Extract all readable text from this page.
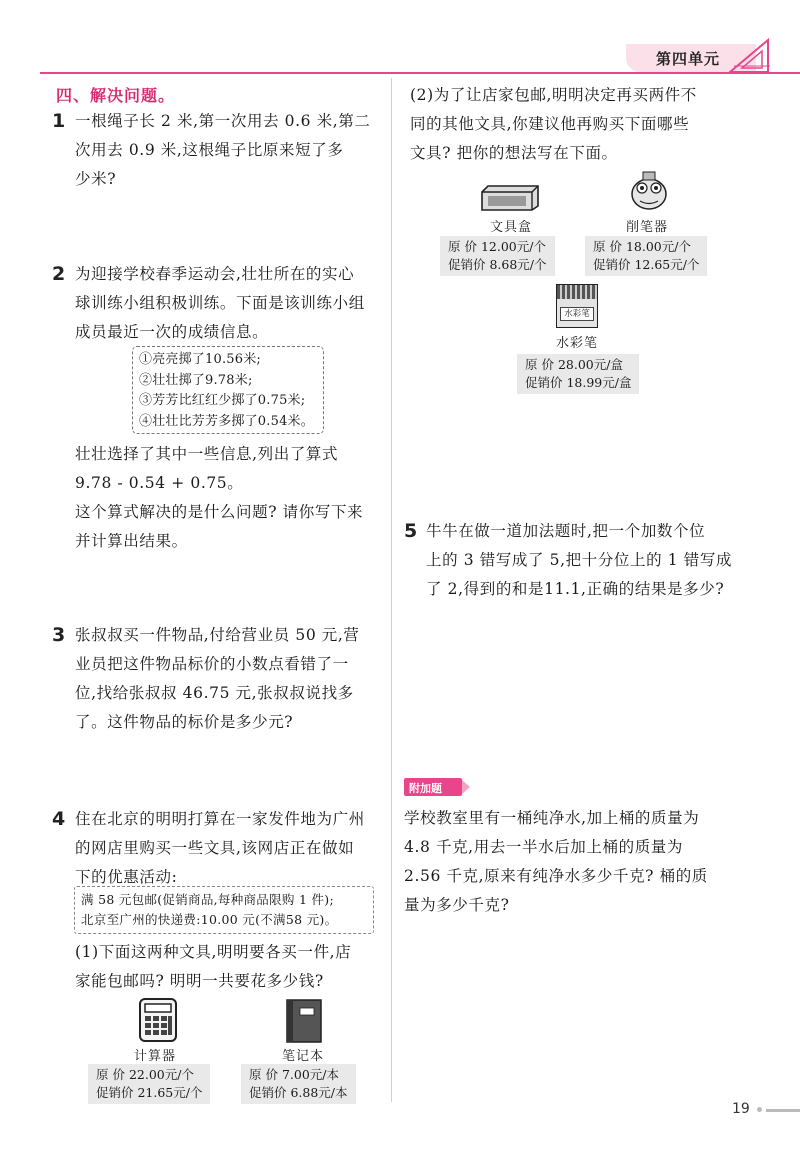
第四单元
四、解决问题。
1 一根绳子长 2 米,第一次用去 0.6 米,第二
次用去 0.9 米,这根绳子比原来短了多
少米?
2 为迎接学校春季运动会,壮壮所在的实心
球训练小组积极训练。下面是该训练小组
成员最近一次的成绩信息。
①亮亮掷了10.56米;
②壮壮掷了9.78米;
③芳芳比红红少掷了0.75米;
④壮壮比芳芳多掷了0.54米。
壮壮选择了其中一些信息,列出了算式
9.78 - 0.54 + 0.75。
这个算式解决的是什么问题? 请你写下来
并计算出结果。
3 张叔叔买一件物品,付给营业员 50 元,营
业员把这件物品标价的小数点看错了一
位,找给张叔叔 46.75 元,张叔叔说找多
了。这件物品的标价是多少元?
4 住在北京的明明打算在一家发件地为广州
的网店里购买一些文具,该网店正在做如
下的优惠活动:
满 58 元包邮(促销商品,每种商品限购 1 件);
北京至广州的快递费:10.00 元(不满58 元)。
(1)下面这两种文具,明明要各买一件,店
家能包邮吗? 明明一共要花多少钱?
计算器
原 价 22.00元/个
促销价 21.65元/个
笔记本
原 价 7.00元/本
促销价 6.88元/本
(2)为了让店家包邮,明明决定再买两件不
同的其他文具,你建议他再购买下面哪些
文具? 把你的想法写在下面。
文具盒
原 价 12.00元/个
促销价 8.68元/个
削笔器
原 价 18.00元/个
促销价 12.65元/个
水彩笔
水彩笔
原 价 28.00元/盒
促销价 18.99元/盒
5 牛牛在做一道加法题时,把一个加数个位
上的 3 错写成了 5,把十分位上的 1 错写成
了 2,得到的和是11.1,正确的结果是多少?
附加题
学校教室里有一桶纯净水,加上桶的质量为
4.8 千克,用去一半水后加上桶的质量为
2.56 千克,原来有纯净水多少千克? 桶的质
量为多少千克?
19
